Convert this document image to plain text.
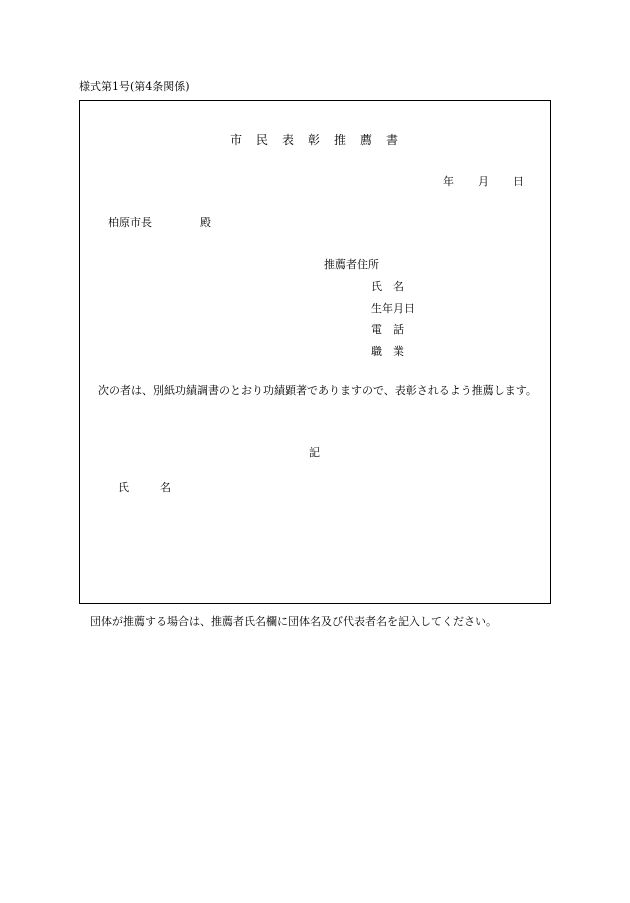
様式第1号(第4条関係)
市民表彰推薦書
年 月 日
柏原市長	殿
推薦者住所
氏　名
生年月日
電　話
職　業
次の者は、別紙功績調書のとおり功績顕著でありますので、表彰されるよう推薦します。
記
氏　名
団体が推薦する場合は、推薦者氏名欄に団体名及び代表者名を記入してください。
